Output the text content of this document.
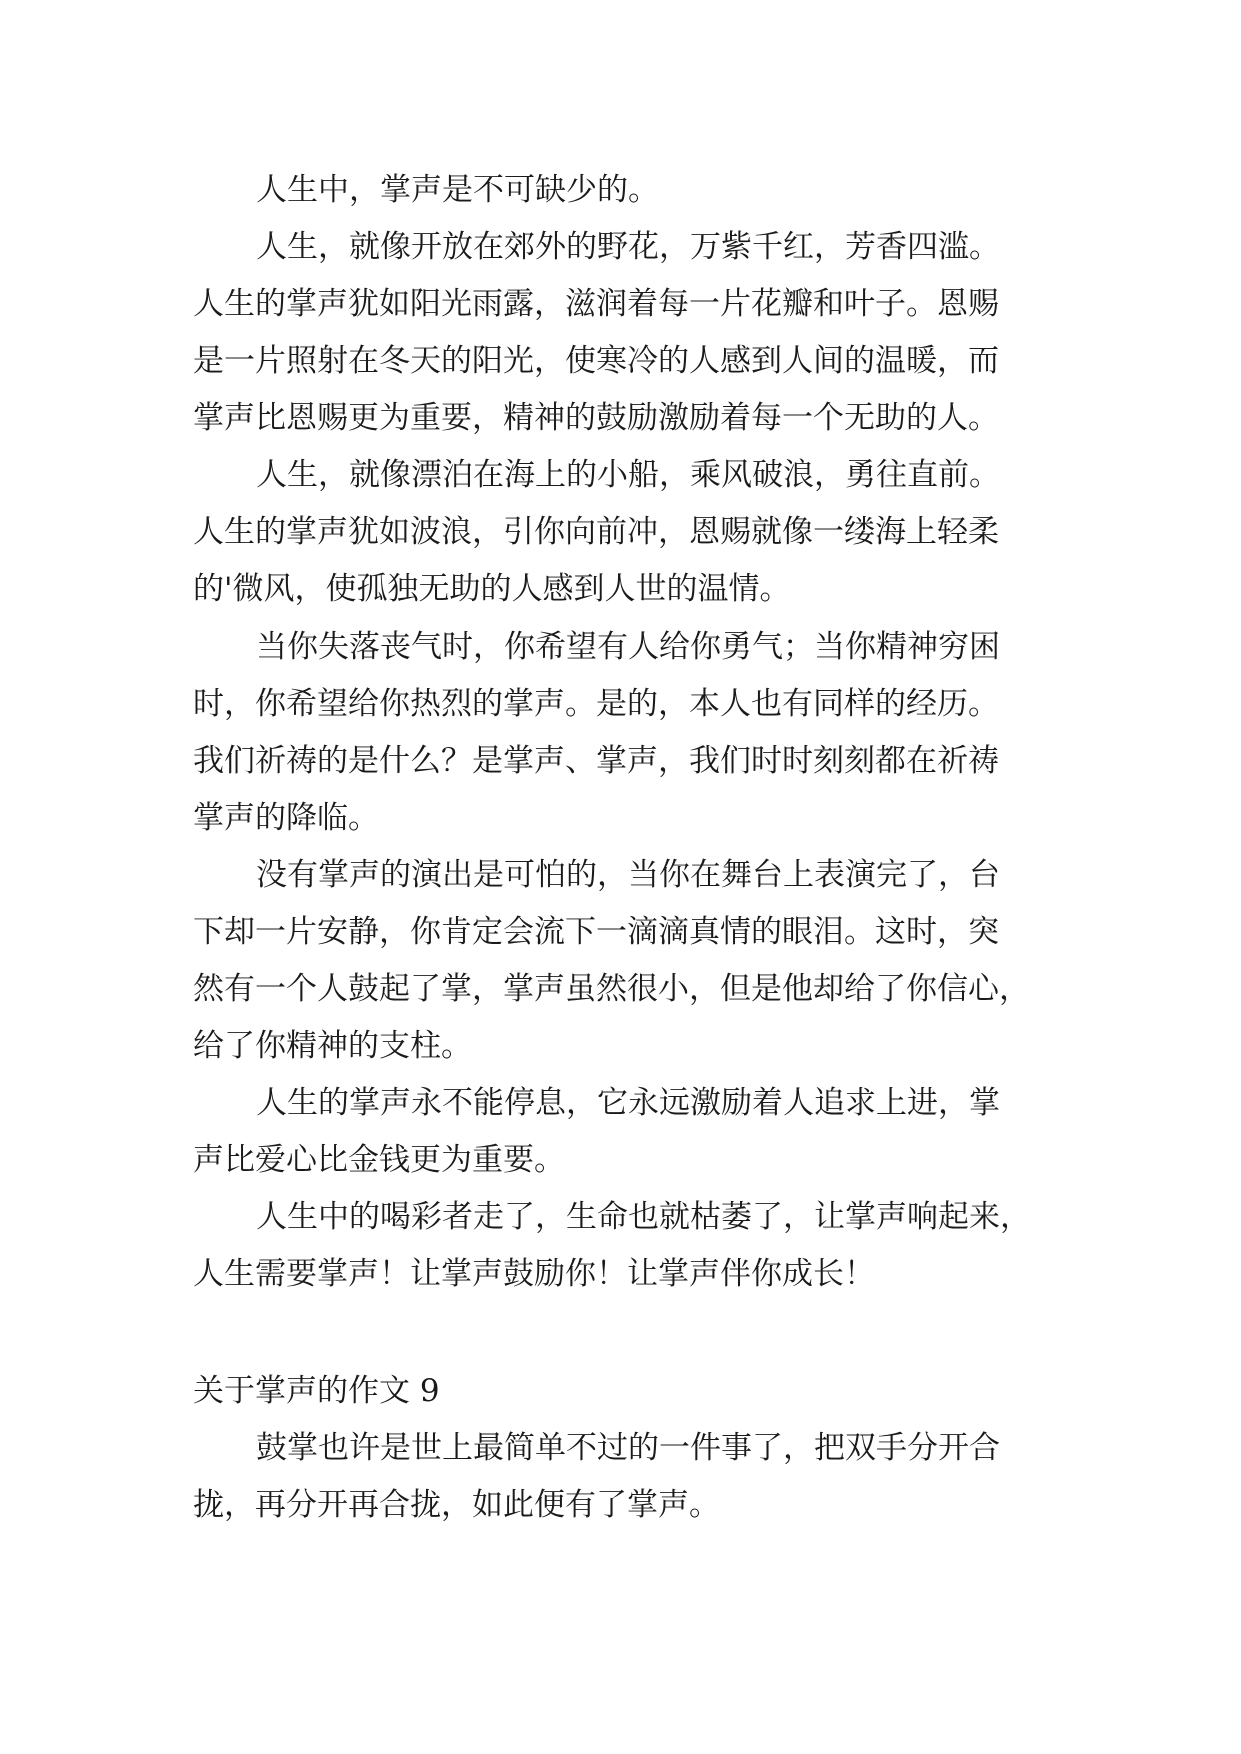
人生中，掌声是不可缺少的。
人生，就像开放在郊外的野花，万紫千红，芳香四滥。
人生的掌声犹如阳光雨露，滋润着每一片花瓣和叶子。恩赐
是一片照射在冬天的阳光，使寒冷的人感到人间的温暖，而
掌声比恩赐更为重要，精神的鼓励激励着每一个无助的人。
人生，就像漂泊在海上的小船，乘风破浪，勇往直前。
人生的掌声犹如波浪，引你向前冲，恩赐就像一缕海上轻柔
的'微风，使孤独无助的人感到人世的温情。
当你失落丧气时，你希望有人给你勇气；当你精神穷困
时，你希望给你热烈的掌声。是的，本人也有同样的经历。
我们祈祷的是什么？是掌声、掌声，我们时时刻刻都在祈祷
掌声的降临。
没有掌声的演出是可怕的，当你在舞台上表演完了，台
下却一片安静，你肯定会流下一滴滴真情的眼泪。这时，突
然有一个人鼓起了掌，掌声虽然很小，但是他却给了你信心，
给了你精神的支柱。
人生的掌声永不能停息，它永远激励着人追求上进，掌
声比爱心比金钱更为重要。
人生中的喝彩者走了，生命也就枯萎了，让掌声响起来，
人生需要掌声！让掌声鼓励你！让掌声伴你成长！
关于掌声的作文 9
鼓掌也许是世上最简单不过的一件事了，把双手分开合
拢，再分开再合拢，如此便有了掌声。
